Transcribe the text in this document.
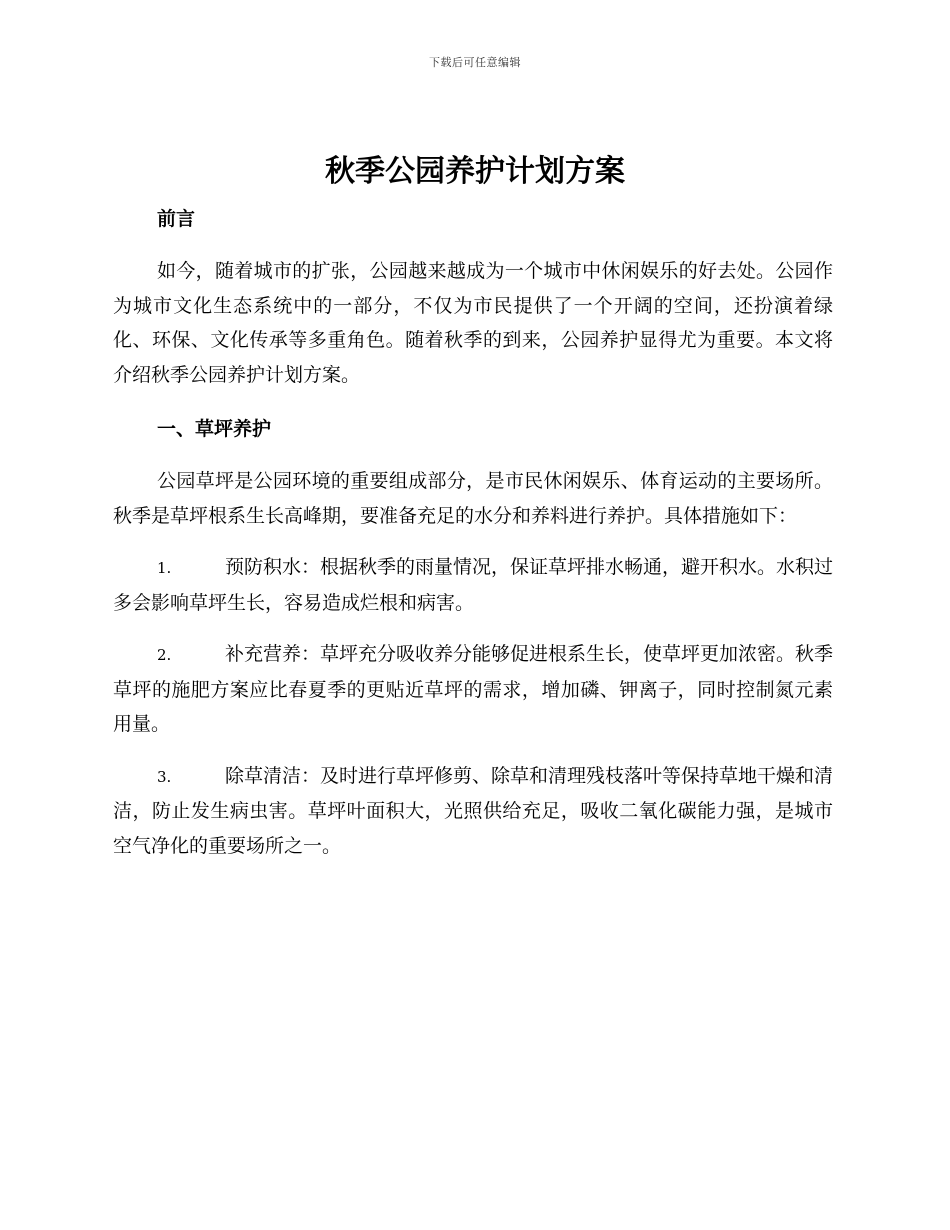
下载后可任意编辑
秋季公园养护计划方案
前言

如今，随着城市的扩张，公园越来越成为一个城市中休闲娱乐的好去处。公园作为城市文化生态系统中的一部分，不仅为市民提供了一个开阔的空间，还扮演着绿化、环保、文化传承等多重角色。随着秋季的到来，公园养护显得尤为重要。本文将介绍秋季公园养护计划方案。

一、草坪养护

公园草坪是公园环境的重要组成部分，是市民休闲娱乐、体育运动的主要场所。秋季是草坪根系生长高峰期，要准备充足的水分和养料进行养护。具体措施如下：

1.	预防积水：根据秋季的雨量情况，保证草坪排水畅通，避开积水。水积过多会影响草坪生长，容易造成烂根和病害。

2.	补充营养：草坪充分吸收养分能够促进根系生长，使草坪更加浓密。秋季草坪的施肥方案应比春夏季的更贴近草坪的需求，增加磷、钾离子，同时控制氮元素用量。

3.	除草清洁：及时进行草坪修剪、除草和清理残枝落叶等保持草地干燥和清洁，防止发生病虫害。草坪叶面积大，光照供给充足，吸收二氧化碳能力强，是城市空气净化的重要场所之一。
